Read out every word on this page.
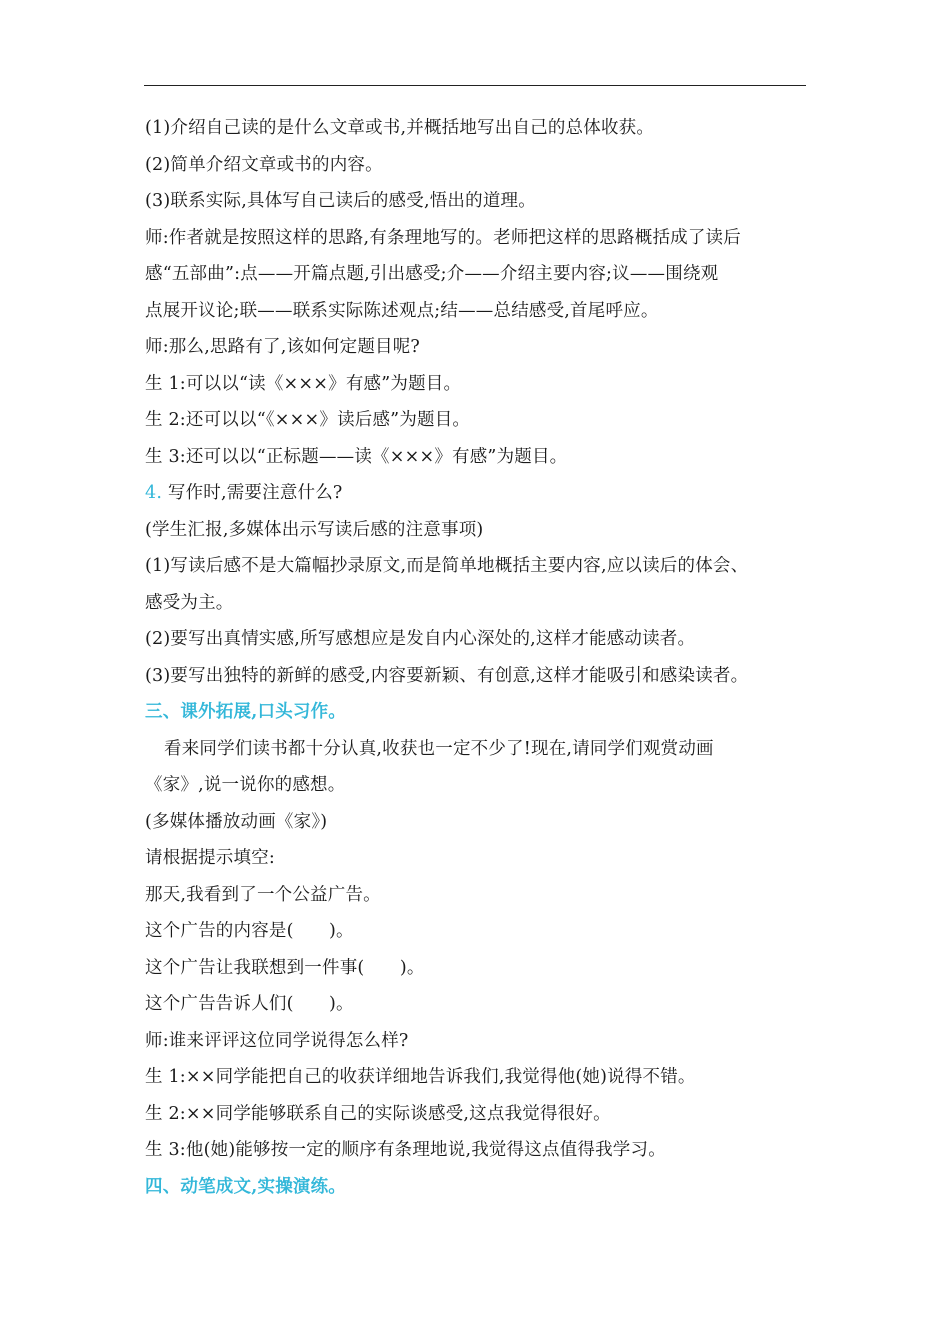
(1)介绍自己读的是什么文章或书,并概括地写出自己的总体收获。
(2)简单介绍文章或书的内容。
(3)联系实际,具体写自己读后的感受,悟出的道理。
师:作者就是按照这样的思路,有条理地写的。老师把这样的思路概括成了读后
感“五部曲”:点——开篇点题,引出感受;介——介绍主要内容;议——围绕观
点展开议论;联——联系实际陈述观点;结——总结感受,首尾呼应。
师:那么,思路有了,该如何定题目呢?
生 1:可以以“读《×××》有感”为题目。
生 2:还可以以“《×××》读后感”为题目。
生 3:还可以以“正标题——读《×××》有感”为题目。
4. 写作时,需要注意什么?
(学生汇报,多媒体出示写读后感的注意事项)
(1)写读后感不是大篇幅抄录原文,而是简单地概括主要内容,应以读后的体会、
感受为主。
(2)要写出真情实感,所写感想应是发自内心深处的,这样才能感动读者。
(3)要写出独特的新鲜的感受,内容要新颖、有创意,这样才能吸引和感染读者。
三、课外拓展,口头习作。
看来同学们读书都十分认真,收获也一定不少了!现在,请同学们观赏动画
《家》,说一说你的感想。
(多媒体播放动画《家》)
请根据提示填空:
那天,我看到了一个公益广告。
这个广告的内容是(　　)。
这个广告让我联想到一件事(　　)。
这个广告告诉人们(　　)。
师:谁来评评这位同学说得怎么样?
生 1:××同学能把自己的收获详细地告诉我们,我觉得他(她)说得不错。
生 2:××同学能够联系自己的实际谈感受,这点我觉得很好。
生 3:他(她)能够按一定的顺序有条理地说,我觉得这点值得我学习。
四、动笔成文,实操演练。
